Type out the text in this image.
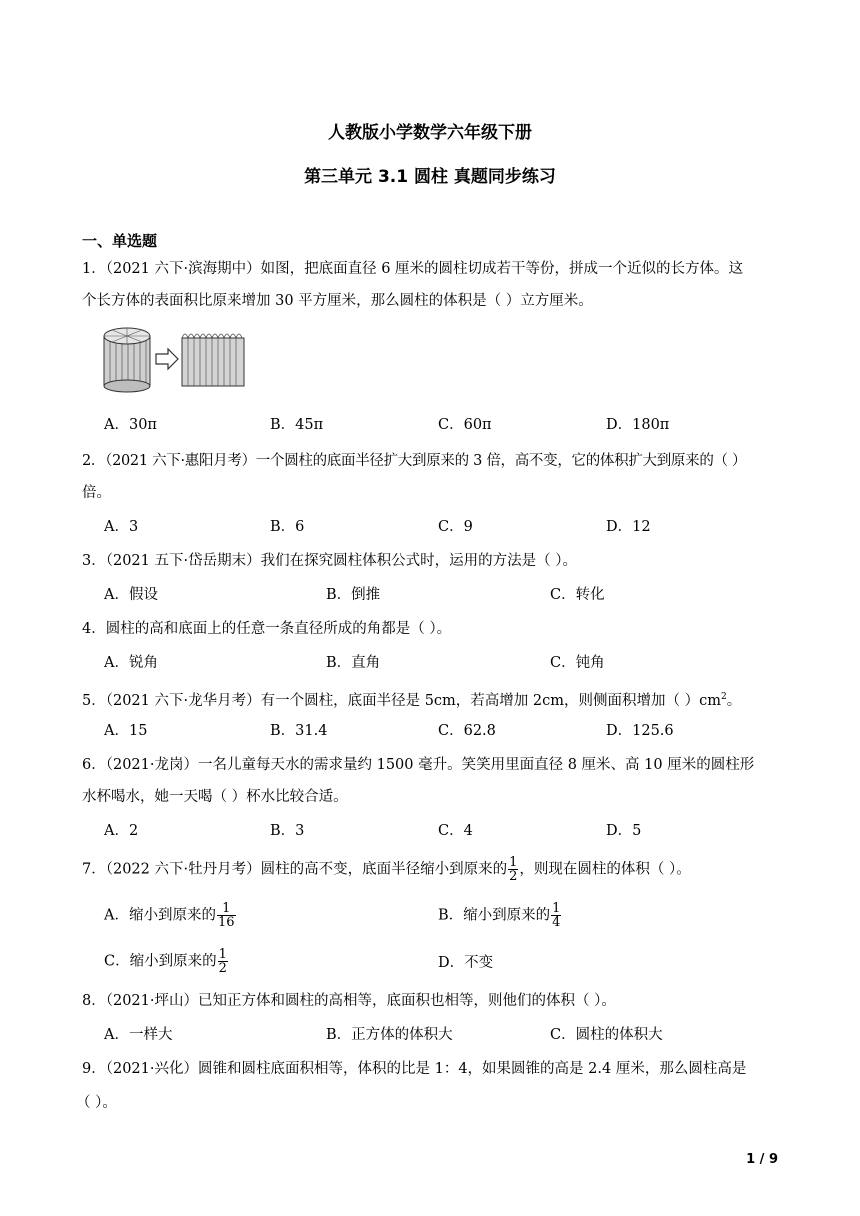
人教版小学数学六年级下册
第三单元 3.1 圆柱 真题同步练习
一、单选题
1．（2021 六下·滨海期中）如图，把底面直径 6 厘米的圆柱切成若干等份，拼成一个近似的长方体。这
个长方体的表面积比原来增加 30 平方厘米，那么圆柱的体积是（ ）立方厘米。
A．30π	B．45π	C．60π	D．180π
2．（2021 六下·惠阳月考）一个圆柱的底面半径扩大到原来的 3 倍，高不变，它的体积扩大到原来的（ ）
倍。
A．3	B．6	C．9	D．12
3．（2021 五下·岱岳期末）我们在探究圆柱体积公式时，运用的方法是（ ）。
A．假设	B．倒推	C．转化
4．圆柱的高和底面上的任意一条直径所成的角都是（ ）。
A．锐角	B．直角	C．钝角
5．（2021 六下·龙华月考）有一个圆柱，底面半径是 5cm，若高增加 2cm，则侧面积增加（ ）$cm^2$。
A．15	B．31.4	C．62.8	D．125.6
6．（2021·龙岗）一名儿童每天水的需求量约 1500 毫升。笑笑用里面直径 8 厘米、高 10 厘米的圆柱形
水杯喝水，她一天喝（ ）杯水比较合适。
A．2	B．3	C．4	D．5
7．（2022 六下·牡丹月考）圆柱的高不变，底面半径缩小到原来的 $\frac{1}{2}$ ，则现在圆柱的体积（ ）。
A．缩小到原来的 $\frac{1}{16}$	B．缩小到原来的 $\frac{1}{4}$
C．缩小到原来的 $\frac{1}{2}$	D．不变
8．（2021·坪山）已知正方体和圆柱的高相等，底面积也相等，则他们的体积（ ）。
A．一样大	B．正方体的体积大	C．圆柱的体积大
9．（2021·兴化）圆锥和圆柱底面积相等，体积的比是 1：4，如果圆锥的高是 2.4 厘米，那么圆柱高是
（ ）。
1 / 9
